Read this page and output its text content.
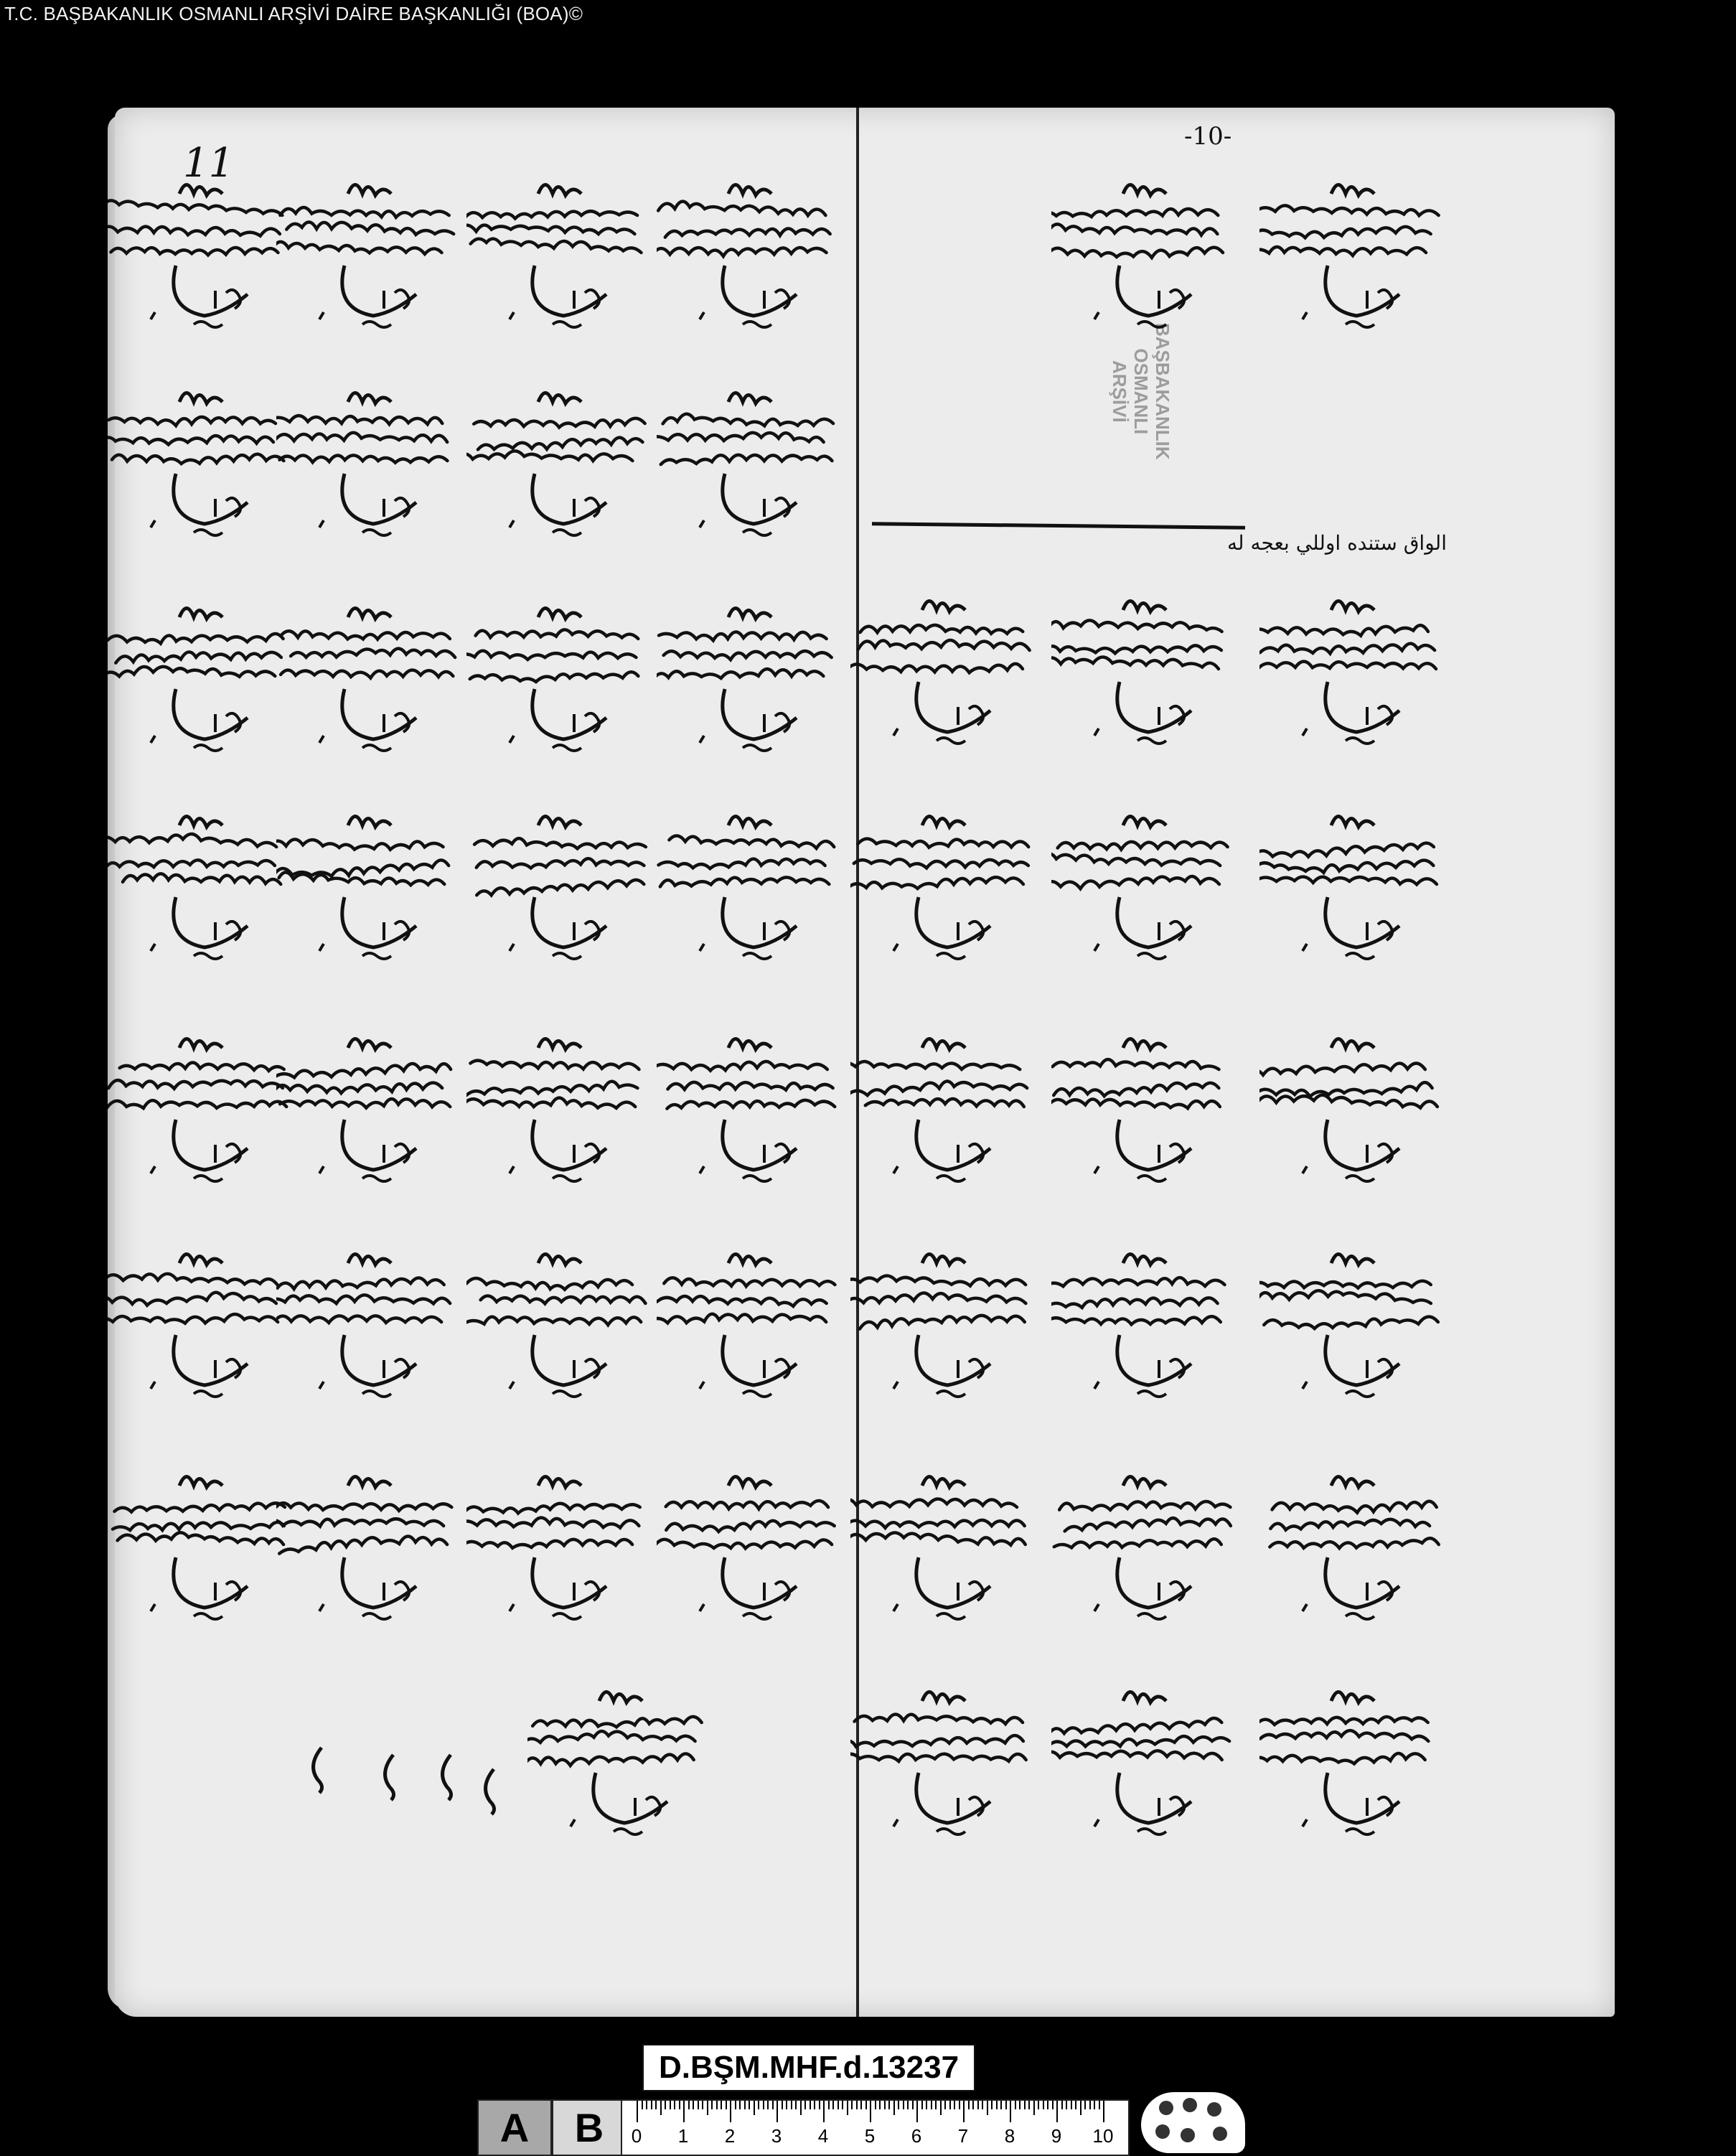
T.C. BAŞBAKANLIK OSMANLI ARŞİVİ DAİRE BAŞKANLIĞI (BOA)©
11
-10-
BAŞBAKANLIK
OSMANLI
ARŞİVİ
الواق ستنده اوللي بعجه له
D.BŞM.MHF.d.13237
A	B	0 1 2 3 4 5 6 7 8 9 10
